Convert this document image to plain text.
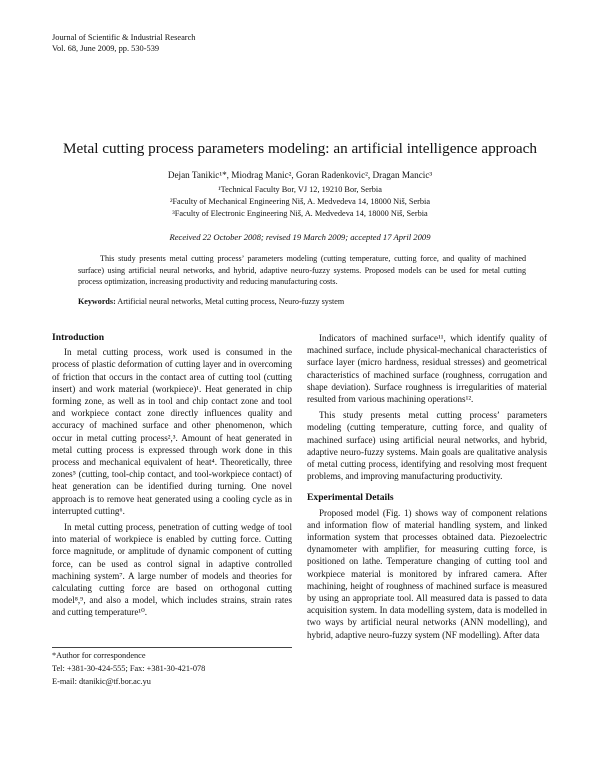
Journal of Scientific & Industrial Research
Vol. 68, June 2009, pp. 530-539
Metal cutting process parameters modeling: an artificial intelligence approach
Dejan Tanikic¹*, Miodrag Manic², Goran Radenkovic², Dragan Mancic³
¹Technical Faculty Bor, VJ 12, 19210 Bor, Serbia
²Faculty of Mechanical Engineering Niš, A. Medvedeva 14, 18000 Niš, Serbia
³Faculty of Electronic Engineering Niš, A. Medvedeva 14, 18000 Niš, Serbia
Received 22 October 2008; revised 19 March 2009; accepted 17 April 2009
This study presents metal cutting process’ parameters modeling (cutting temperature, cutting force, and quality of machined surface) using artificial neural networks, and hybrid, adaptive neuro-fuzzy systems. Proposed models can be used for metal cutting process optimization, increasing productivity and reducing manufacturing costs.
Keywords: Artificial neural networks, Metal cutting process, Neuro-fuzzy system
Introduction

In metal cutting process, work used is consumed in the process of plastic deformation of cutting layer and in overcoming of friction that occurs in the contact area of cutting tool (cutting insert) and work material (workpiece)¹. Heat generated in chip forming zone, as well as in tool and chip contact zone and tool and workpiece contact zone directly influences quality and accuracy of machined surface and other phenomenon, which occur in metal cutting process²,³. Amount of heat generated in metal cutting process is expressed through work done in this process and mechanical equivalent of heat⁴. Theoretically, three zones⁵ (cutting, tool-chip contact, and tool-workpiece contact) of heat generation can be identified during turning. One novel approach is to remove heat generated using a cooling cycle as in interrupted cutting⁶.

In metal cutting process, penetration of cutting wedge of tool into material of workpiece is enabled by cutting force. Cutting force magnitude, or amplitude of dynamic component of cutting force, can be used as control signal in adaptive controlled machining system⁷. A large number of models and theories for calculating cutting force are based on orthogonal cutting model⁸,⁹, and also a model, which includes strains, strain rates and cutting temperature¹⁰.

Indicators of machined surface¹¹, which identify quality of machined surface, include physical-mechanical characteristics of surface layer (micro hardness, residual stresses) and geometrical characteristics of machined surface (roughness, corrugation and shape deviation). Surface roughness is irregularities of material resulted from various machining operations¹².

This study presents metal cutting process’ parameters modeling (cutting temperature, cutting force, and quality of machined surface) using artificial neural networks, and hybrid, adaptive neuro-fuzzy systems. Main goals are qualitative analysis of metal cutting process, identifying and resolving most frequent problems, and improving manufacturing productivity.

Experimental Details

Proposed model (Fig. 1) shows way of component relations and information flow of material handling system, and linked information system that processes obtained data. Piezoelectric dynamometer with amplifier, for measuring cutting force, is positioned on lathe. Temperature changing of cutting tool and workpiece material is monitored by infrared camera. After machining, height of roughness of machined surface is measured by using an appropriate tool. All measured data is passed to data acquisition system. In data modelling system, data is modelled in two ways by artificial neural networks (ANN modelling), and hybrid, adaptive neuro-fuzzy system (NF modelling). After data

*Author for correspondence
Tel: +381-30-424-555; Fax: +381-30-421-078
E-mail: dtanikic@tf.bor.ac.yu
